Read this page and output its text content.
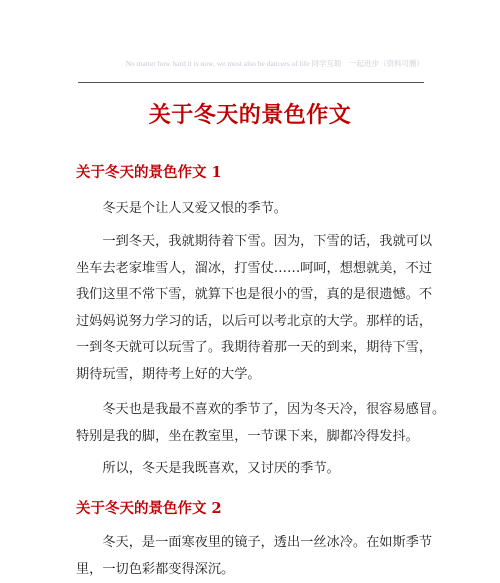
No matter how hard it is now, we must also be dancers of life 同学互助　一起进步（资料可删）
关于冬天的景色作文
关于冬天的景色作文 1
　　冬天是个让人又爱又恨的季节。
　　一到冬天，我就期待着下雪。因为，下雪的话，我就可以
坐车去老家堆雪人，溜冰，打雪仗……呵呵，想想就美，不过
我们这里不常下雪，就算下也是很小的雪，真的是很遗憾。不
过妈妈说努力学习的话，以后可以考北京的大学。那样的话，
一到冬天就可以玩雪了。我期待着那一天的到来，期待下雪，
期待玩雪，期待考上好的大学。
　　冬天也是我最不喜欢的季节了，因为冬天冷，很容易感冒。
特别是我的脚，坐在教室里，一节课下来，脚都冷得发抖。
　　所以，冬天是我既喜欢，又讨厌的季节。
关于冬天的景色作文 2
　　冬天，是一面寒夜里的镜子，透出一丝冰冷。在如斯季节
里，一切色彩都变得深沉。
